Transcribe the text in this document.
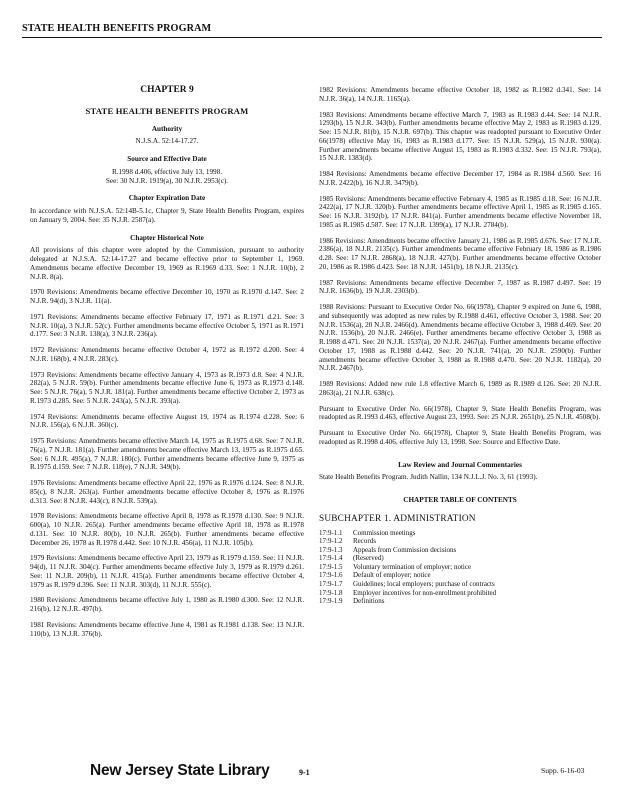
STATE HEALTH BENEFITS PROGRAM
CHAPTER 9
STATE HEALTH BENEFITS PROGRAM
Authority

N.J.S.A. 52:14-17.27.

Source and Effective Date

R.1998 d.406, effective July 13, 1998.

See: 30 N.J.R. 1919(a), 30 N.J.R. 2953(c).

Chapter Expiration Date

In accordance with N.J.S.A. 52:14B-5.1c, Chapter 9, State Health Benefits Program, expires on January 9, 2004. See: 35 N.J.R. 2587(a).

Chapter Historical Note

All provisions of this chapter were adopted by the Commission, pursuant to authority delegated at N.J.S.A. 52:14-17.27 and became effective prior to September 1, 1969. Amendments became effective December 19, 1969 as R.1969 d.33. See: 1 N.J.R. 10(b), 2 N.J.R. 8(a).

1970 Revisions: Amendments became effective December 10, 1970 as R.1970 d.147. See: 2 N.J.R. 94(d), 3 N.J.R. 11(a).

1971 Revisions: Amendments became effective February 17, 1971 as R.1971 d.21. See: 3 N.J.R. 10(a), 3 N.J.R. 52(c). Further amendments became effective October 5, 1971 as R.1971 d.177. See: 3 N.J.R. 138(a), 3 N.J.R. 236(a).

1972 Revisions: Amendments became effective October 4, 1972 as R.1972 d.200. See: 4 N.J.R. 168(b), 4 N.J.R. 283(c).

1973 Revisions: Amendments became effective January 4, 1973 as R.1973 d.8. See: 4 N.J.R. 282(a), 5 N.J.R. 59(b). Further amendments became effective June 6, 1973 as R.1973 d.148. See: 5 N.J.R. 76(a), 5 N.J.R. 181(a). Further amendments became effective October 2, 1973 as R.1973 d.285. See: 5 N.J.R. 243(a), 5 N.J.R. 393(a).

1974 Revisions: Amendments became effective August 19, 1974 as R.1974 d.228. See: 6 N.J.R. 156(a), 6 N.J.R. 360(c).

1975 Revisions: Amendments became effective March 14, 1975 as R.1975 d.68. See: 7 N.J.R. 76(a), 7 N.J.R. 181(a). Further amendments became effective March 13, 1975 as R.1975 d.65. See: 6 N.J.R. 495(a), 7 N.J.R. 180(c). Further amendments became effective June 9, 1975 as R.1975 d.159. See: 7 N.J.R. 118(e), 7 N.J.R. 349(b).

1976 Revisions: Amendments became effective April 22, 1976 as R.1976 d.124. See: 8 N.J.R. 85(c), 8 N.J.R. 263(a). Further amendments became effective October 8, 1976 as R.1976 d.313. See: 8 N.J.R. 443(c), 8 N.J.R. 539(a).

1978 Revisions: Amendments became effective April 8, 1978 as R.1978 d.130. See: 9 N.J.R. 600(a), 10 N.J.R. 265(a). Further amendments became effective April 18, 1978 as R.1978 d.131. See: 10 N.J.R. 80(b), 10 N.J.R. 265(b). Further amendments became effective December 26, 1978 as R.1978 d.442. See: 10 N.J.R. 456(a), 11 N.J.R. 105(b).

1979 Revisions: Amendments became effective April 23, 1979 as R.1979 d.159. See: 11 N.J.R. 94(d), 11 N.J.R. 304(c). Further amendments became effective July 3, 1979 as R.1979 d.261. See: 11 N.J.R. 209(b), 11 N.J.R. 415(a). Further amendments became effective October 4, 1979 as R.1979 d.396. See: 11 N.J.R. 303(d), 11 N.J.R. 555(c).

1980 Revisions: Amendments became effective July 1, 1980 as R.1980 d.300. See: 12 N.J.R. 216(b), 12 N.J.R. 497(b).

1981 Revisions: Amendments became effective June 4, 1981 as R.1981 d.138. See: 13 N.J.R. 110(b), 13 N.J.R. 376(b).

1982 Revisions: Amendments became effective October 18, 1982 as R.1982 d.341. See: 14 N.J.R. 36(a), 14 N.J.R. 1165(a).

1983 Revisions: Amendments became effective March 7, 1983 as R.1983 d.44. See: 14 N.J.R. 1293(b), 15 N.J.R. 343(b). Further amendments became effective May 2, 1983 as R.1983 d.129. See: 15 N.J.R. 81(b), 15 N.J.R. 697(b). This chapter was readopted pursuant to Executive Order 66(1978) effective May 16, 1983 as R.1983 d.177. See: 15 N.J.R. 529(a), 15 N.J.R. 930(a). Further amendments became effective August 15, 1983 as R.1983 d.332. See: 15 N.J.R. 793(a), 15 N.J.R. 1383(d).

1984 Revisions: Amendments became effective December 17, 1984 as R.1984 d.560. See: 16 N.J.R. 2422(b), 16 N.J.R. 3479(b).

1985 Revisions: Amendments became effective February 4, 1985 as R.1985 d.18. See: 16 N.J.R. 2422(a), 17 N.J.R. 320(b). Further amendments became effective April 1, 1985 as R.1985 d.165. See: 16 N.J.R. 3192(b), 17 N.J.R. 841(a). Further amendments became effective November 18, 1985 as R.1985 d.587. See: 17 N.J.R. 1399(a), 17 N.J.R. 2784(b).

1986 Revisions: Amendments became effective January 21, 1986 as R.1985 d.676. See: 17 N.J.R. 2386(a), 18 N.J.R. 2135(c). Further amendments became effective February 18, 1986 as R.1986 d.28. See: 17 N.J.R. 2868(a), 18 N.J.R. 427(b). Further amendments became effective October 20, 1986 as R.1986 d.423. See: 18 N.J.R. 1451(b), 18 N.J.R. 2135(c).

1987 Revisions: Amendments became effective December 7, 1987 as R.1987 d.497. See: 19 N.J.R. 1636(b), 19 N.J.R. 2303(b).

1988 Revisions: Pursuant to Executive Order No. 66(1978), Chapter 9 expired on June 6, 1988, and subsequently was adopted as new rules by R.1988 d.461, effective October 3, 1988. See: 20 N.J.R. 1536(a), 20 N.J.R. 2466(d). Amendments became effective October 3, 1988 d.469. See: 20 N.J.R. 1536(b), 20 N.J.R. 2466(e). Further amendments became effective October 3, 1988 as R.1988 d.471. See: 20 N.J.R. 1537(a), 20 N.J.R. 2467(a). Further amendments became effective October 17, 1988 as R.1988 d.442. See: 20 N.J.R. 741(a), 20 N.J.R. 2590(b). Further amendments became effective October 3, 1988 as R.1988 d.470. See: 20 N.J.R. 1182(a), 20 N.J.R. 2467(b).

1989 Revisions: Added new rule 1.8 effective March 6, 1989 as R.1989 d.126. See: 20 N.J.R. 2863(a), 21 N.J.R. 638(c).

Pursuant to Executive Order No. 66(1978), Chapter 9, State Health Benefits Program, was readopted as R.1993 d.463, effective August 23, 1993. See: 25 N.J.R. 2651(b), 25 N.J.R. 4508(b).

Pursuant to Executive Order No. 66(1978), Chapter 9, State Health Benefits Program, was readopted as R.1998 d.406, effective July 13, 1998. See: Source and Effective Date.

Law Review and Journal Commentaries

State Health Benefits Program. Judith Nallin, 134 N.J.L.J. No. 3, 61 (1993).

CHAPTER TABLE OF CONTENTS
SUBCHAPTER 1. ADMINISTRATION
17:9-1.1	Commission meetings
17:9-1.2	Records
17:9-1.3	Appeals from Commission decisions
17:9-1.4	(Reserved)
17:9-1.5	Voluntary termination of employer; notice
17:9-1.6	Default of employer; notice
17:9-1.7	Guidelines; local employers; purchase of contracts
17:9-1.8	Employer incentives for non-enrollment prohibited
17:9-1.9	Definitions
New Jersey State Library	9-1	Supp. 6-16-03
